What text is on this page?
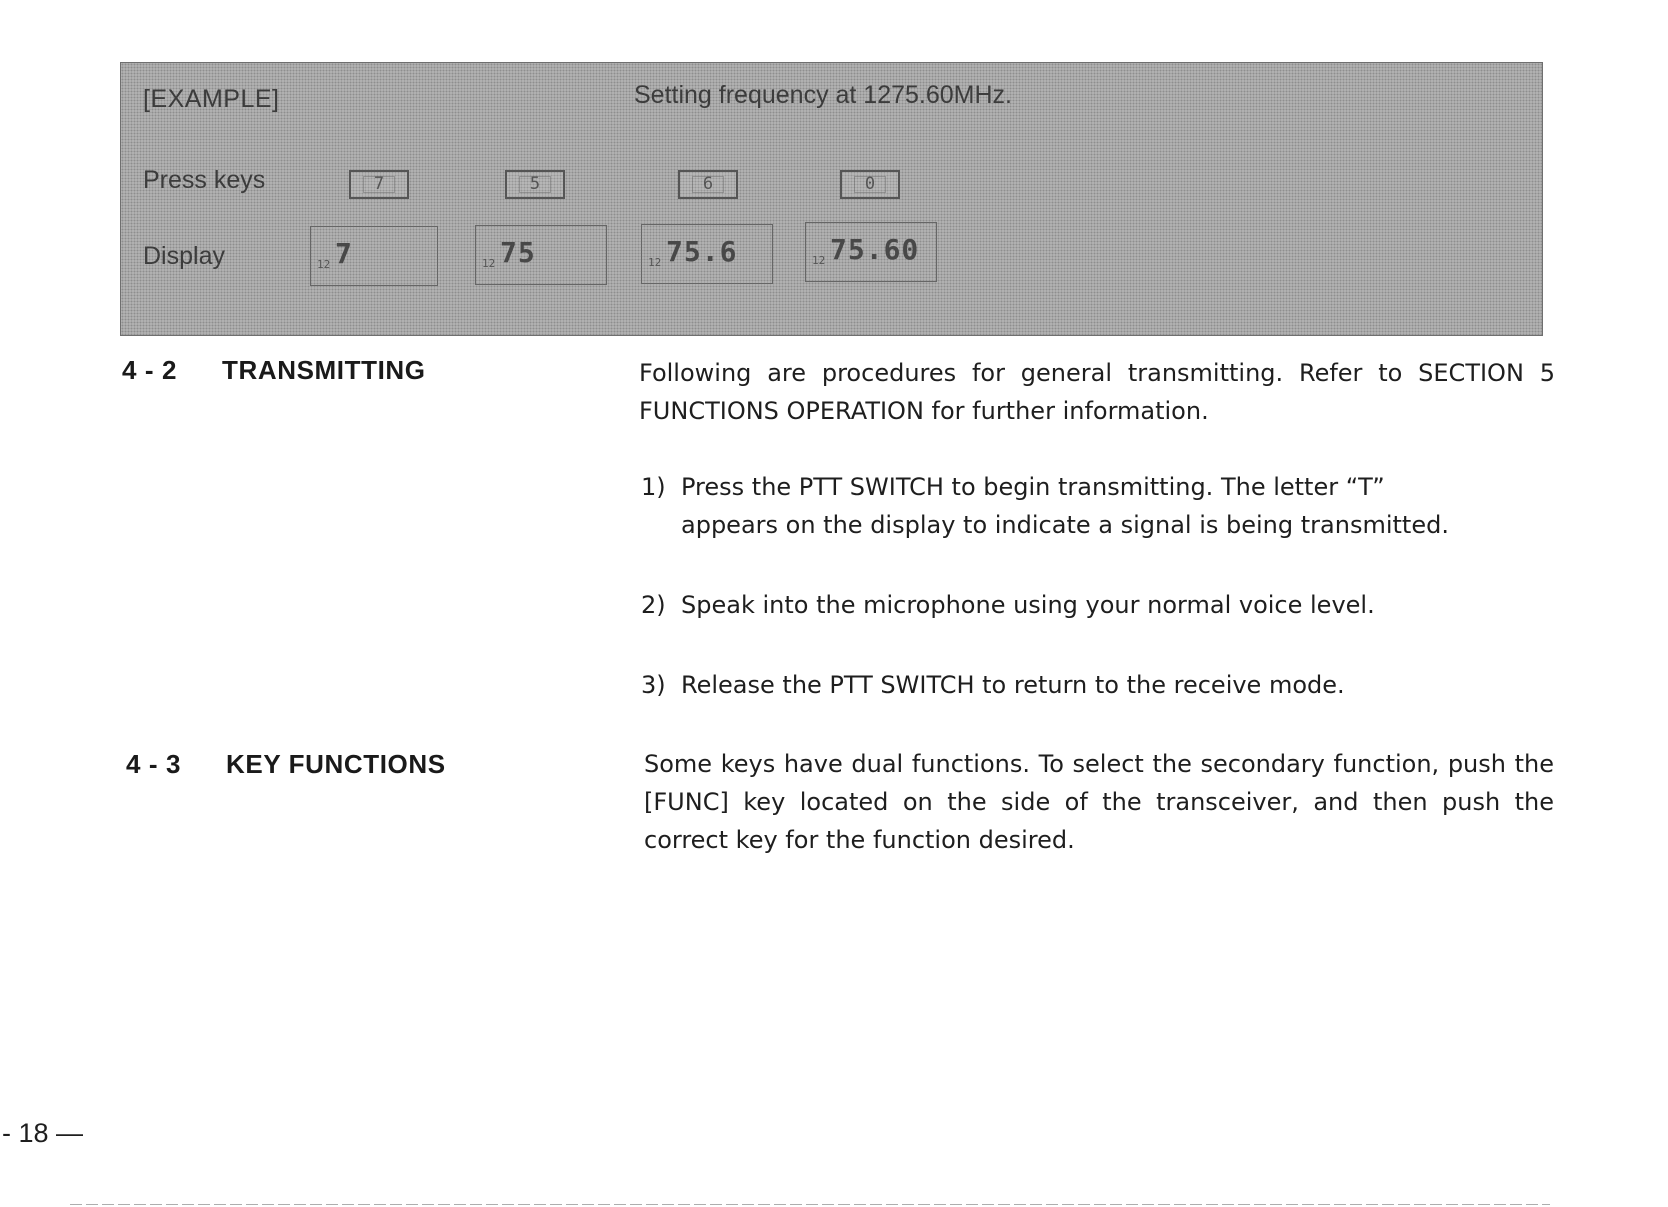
[EXAMPLE]	Setting frequency at 1275.60MHz.
Press keys	7	5	6	0
Display	12 7	12 75	12 75.6	12 75.60
4 - 2 TRANSMITTING	Following are procedures for general transmitting. Refer to SECTION 5 FUNCTIONS OPERATION for further information.
1) Press the PTT SWITCH to begin transmitting. The letter “T”
appears on the display to indicate a signal is being transmitted.
2) Speak into the microphone using your normal voice level.
3) Release the PTT SWITCH to return to the receive mode.
4 - 3 KEY FUNCTIONS	Some keys have dual functions. To select the secondary function, push the [FUNC] key located on the side of the transceiver, and then push the correct key for the function desired.
- 18 —
